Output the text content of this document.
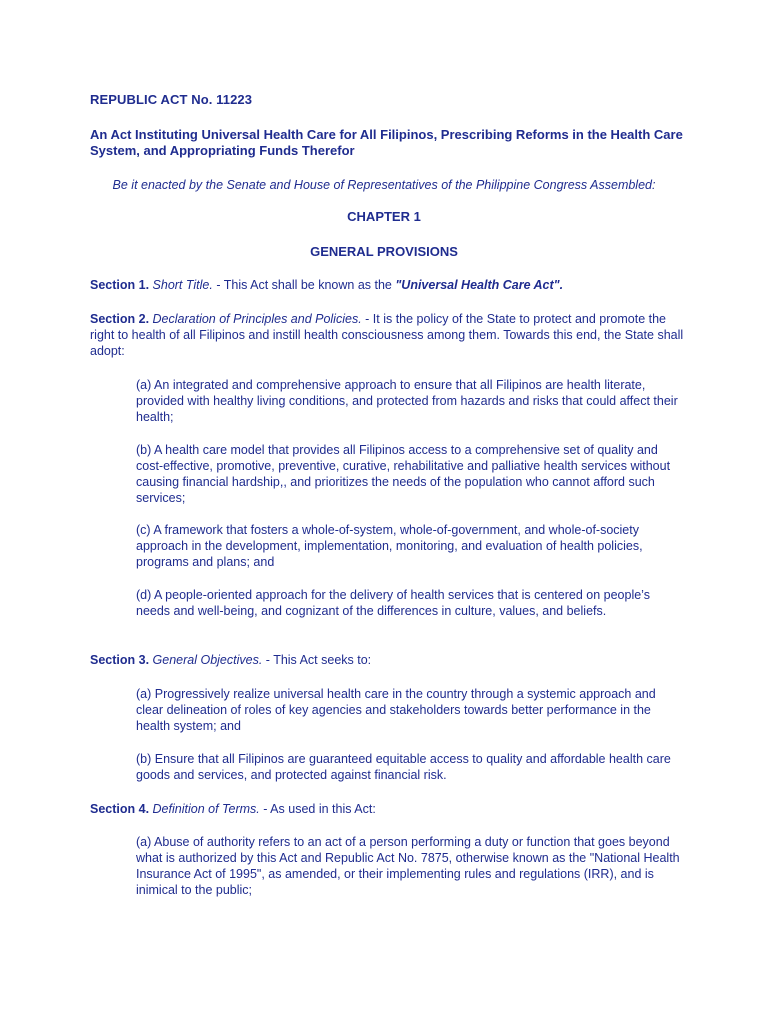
REPUBLIC ACT No. 11223
An Act Instituting Universal Health Care for All Filipinos, Prescribing Reforms in the Health Care System, and Appropriating Funds Therefor
Be it enacted by the Senate and House of Representatives of the Philippine Congress Assembled:
CHAPTER 1
GENERAL PROVISIONS
Section 1. Short Title. - This Act shall be known as the "Universal Health Care Act".
Section 2. Declaration of Principles and Policies. - It is the policy of the State to protect and promote the right to health of all Filipinos and instill health consciousness among them. Towards this end, the State shall adopt:
(a) An integrated and comprehensive approach to ensure that all Filipinos are health literate, provided with healthy living conditions, and protected from hazards and risks that could affect their health;
(b) A health care model that provides all Filipinos access to a comprehensive set of quality and cost-effective, promotive, preventive, curative, rehabilitative and palliative health services without causing financial hardship,, and prioritizes the needs of the population who cannot afford such services;
(c) A framework that fosters a whole-of-system, whole-of-government, and whole-of-society approach in the development, implementation, monitoring, and evaluation of health policies, programs and plans; and
(d) A people-oriented approach for the delivery of health services that is centered on people’s needs and well-being, and cognizant of the differences in culture, values, and beliefs.
Section 3. General Objectives. - This Act seeks to:
(a) Progressively realize universal health care in the country through a systemic approach and clear delineation of roles of key agencies and stakeholders towards better performance in the health system; and
(b) Ensure that all Filipinos are guaranteed equitable access to quality and affordable health care goods and services, and protected against financial risk.
Section 4. Definition of Terms. - As used in this Act:
(a) Abuse of authority refers to an act of a person performing a duty or function that goes beyond what is authorized by this Act and Republic Act No. 7875, otherwise known as the "National Health Insurance Act of 1995", as amended, or their implementing rules and regulations (IRR), and is inimical to the public;
